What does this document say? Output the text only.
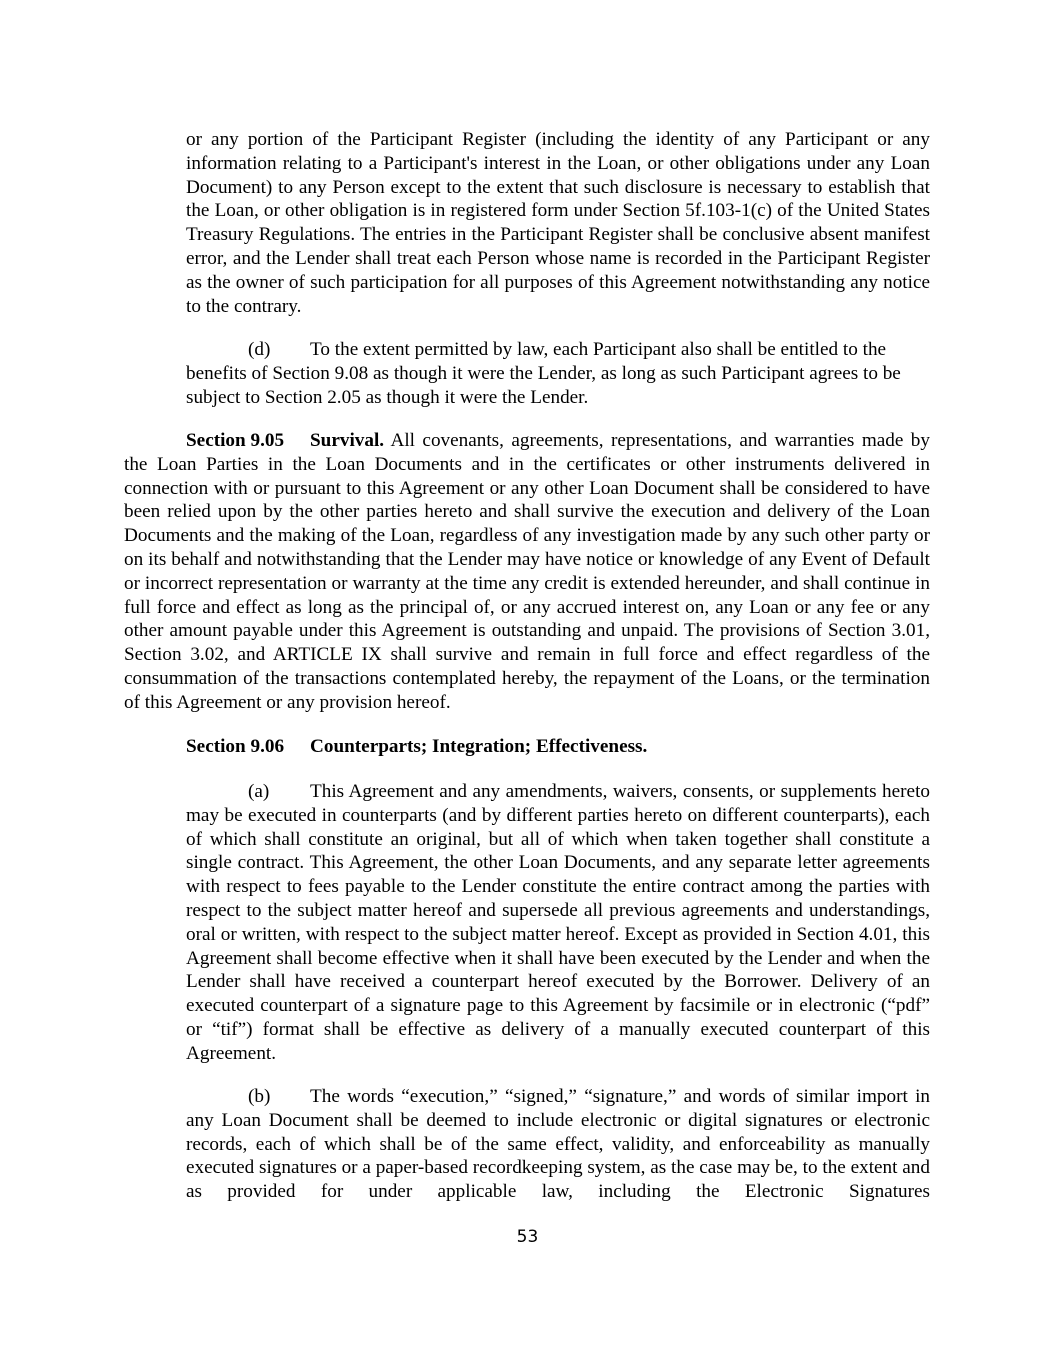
or any portion of the Participant Register (including the identity of any Participant or any information relating to a Participant's interest in the Loan, or other obligations under any Loan Document) to any Person except to the extent that such disclosure is necessary to establish that the Loan, or other obligation is in registered form under Section 5f.103-1(c) of the United States Treasury Regulations. The entries in the Participant Register shall be conclusive absent manifest error, and the Lender shall treat each Person whose name is recorded in the Participant Register as the owner of such participation for all purposes of this Agreement notwithstanding any notice to the contrary.

(d) To the extent permitted by law, each Participant also shall be entitled to the benefits of Section 9.08 as though it were the Lender, as long as such Participant agrees to be subject to Section 2.05 as though it were the Lender.

Section 9.05 Survival. All covenants, agreements, representations, and warranties made by the Loan Parties in the Loan Documents and in the certificates or other instruments delivered in connection with or pursuant to this Agreement or any other Loan Document shall be considered to have been relied upon by the other parties hereto and shall survive the execution and delivery of the Loan Documents and the making of the Loan, regardless of any investigation made by any such other party or on its behalf and notwithstanding that the Lender may have notice or knowledge of any Event of Default or incorrect representation or warranty at the time any credit is extended hereunder, and shall continue in full force and effect as long as the principal of, or any accrued interest on, any Loan or any fee or any other amount payable under this Agreement is outstanding and unpaid. The provisions of Section 3.01, Section 3.02, and ARTICLE IX shall survive and remain in full force and effect regardless of the consummation of the transactions contemplated hereby, the repayment of the Loans, or the termination of this Agreement or any provision hereof.

Section 9.06 Counterparts; Integration; Effectiveness.

(a) This Agreement and any amendments, waivers, consents, or supplements hereto may be executed in counterparts (and by different parties hereto on different counterparts), each of which shall constitute an original, but all of which when taken together shall constitute a single contract. This Agreement, the other Loan Documents, and any separate letter agreements with respect to fees payable to the Lender constitute the entire contract among the parties with respect to the subject matter hereof and supersede all previous agreements and understandings, oral or written, with respect to the subject matter hereof. Except as provided in Section 4.01, this Agreement shall become effective when it shall have been executed by the Lender and when the Lender shall have received a counterpart hereof executed by the Borrower. Delivery of an executed counterpart of a signature page to this Agreement by facsimile or in electronic (“pdf” or “tif”) format shall be effective as delivery of a manually executed counterpart of this Agreement.

(b) The words “execution,” “signed,” “signature,” and words of similar import in any Loan Document shall be deemed to include electronic or digital signatures or electronic records, each of which shall be of the same effect, validity, and enforceability as manually executed signatures or a paper-based recordkeeping system, as the case may be, to the extent and as provided for under applicable law, including the Electronic Signatures

53
